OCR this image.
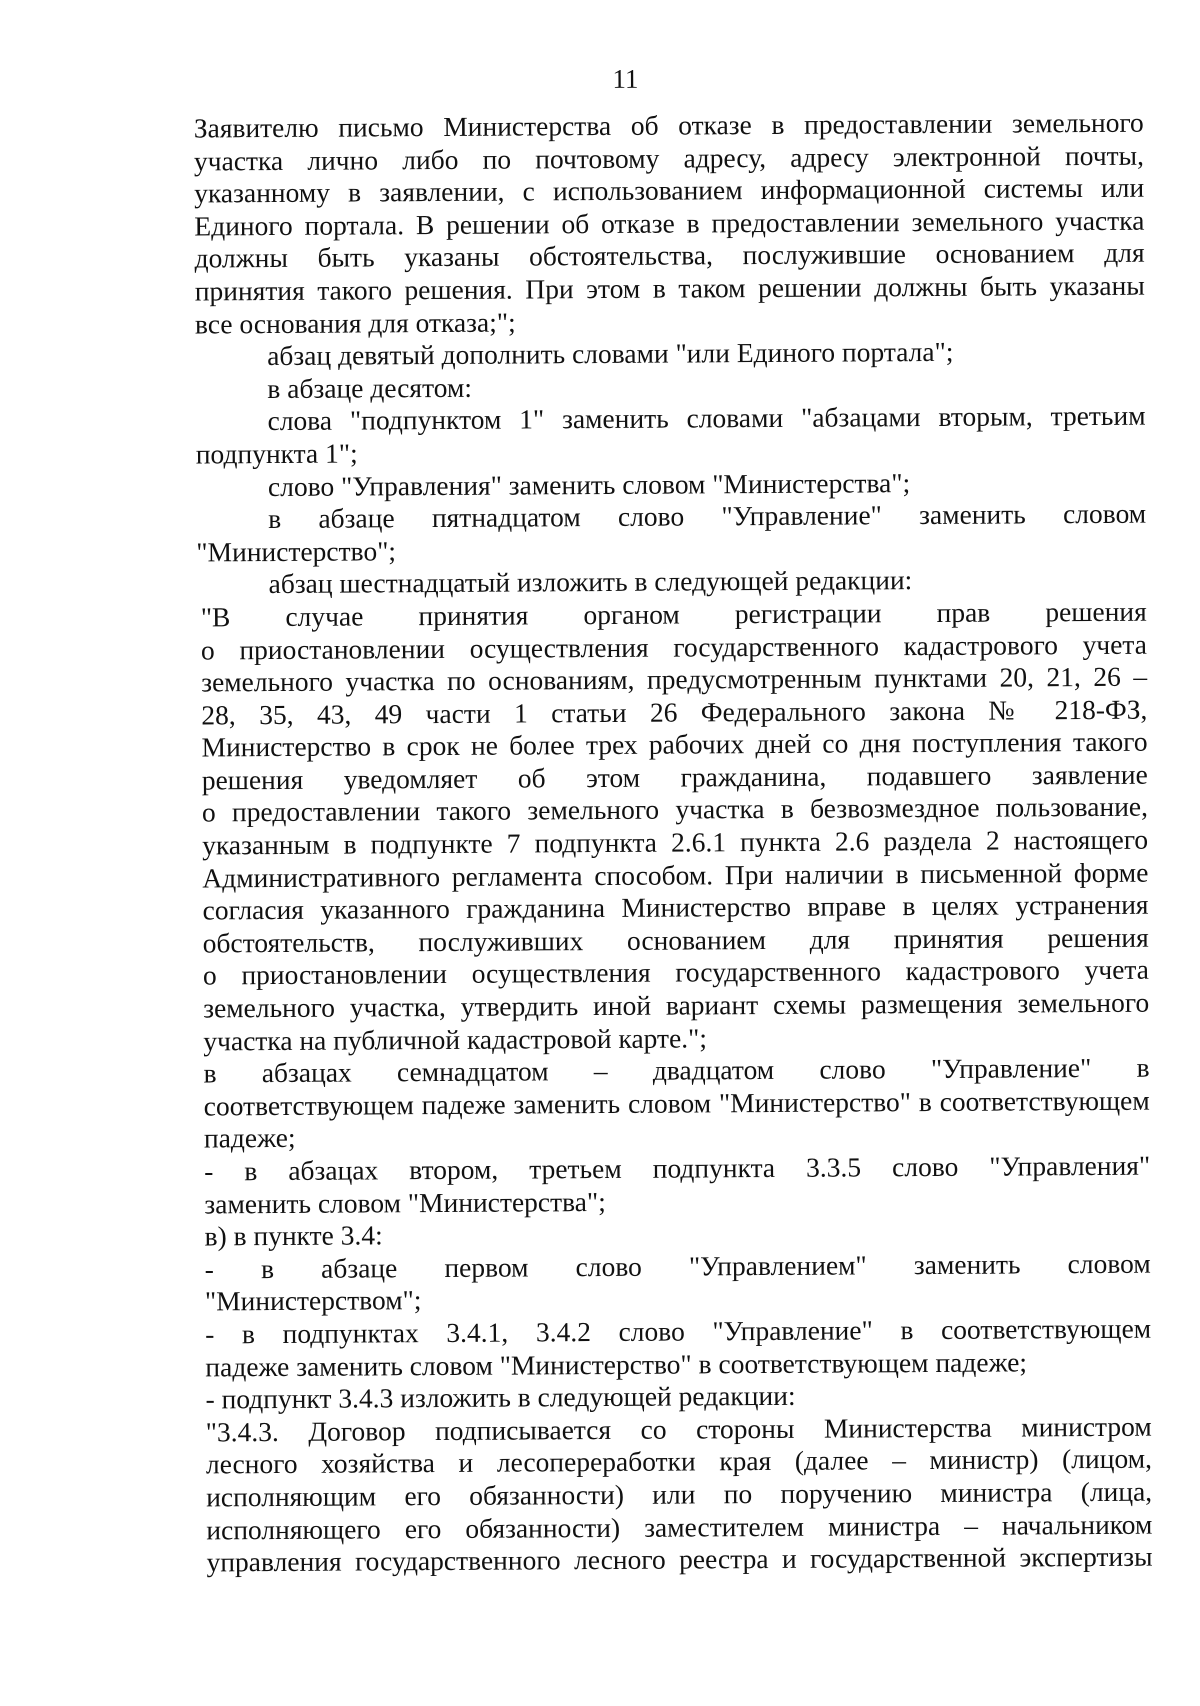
11
Заявителю письмо Министерства об отказе в предоставлении земельного
участка лично либо по почтовому адресу, адресу электронной почты,
указанному в заявлении, с использованием информационной системы или
Единого портала. В решении об отказе в предоставлении земельного участка
должны быть указаны обстоятельства, послужившие основанием для
принятия такого решения. При этом в таком решении должны быть указаны
все основания для отказа;";
абзац девятый дополнить словами "или Единого портала";
в абзаце десятом:
слова "подпунктом 1" заменить словами "абзацами вторым, третьим
подпункта 1";
слово "Управления" заменить словом "Министерства";
в абзаце пятнадцатом слово "Управление" заменить словом
"Министерство";
абзац шестнадцатый изложить в следующей редакции:
"В случае принятия органом регистрации прав решения
о приостановлении осуществления государственного кадастрового учета
земельного участка по основаниям, предусмотренным пунктами 20, 21, 26 –
28, 35, 43, 49 части 1 статьи 26 Федерального закона № 218-ФЗ,
Министерство в срок не более трех рабочих дней со дня поступления такого
решения уведомляет об этом гражданина, подавшего заявление
о предоставлении такого земельного участка в безвозмездное пользование,
указанным в подпункте 7 подпункта 2.6.1 пункта 2.6 раздела 2 настоящего
Административного регламента способом. При наличии в письменной форме
согласия указанного гражданина Министерство вправе в целях устранения
обстоятельств, послуживших основанием для принятия решения
о приостановлении осуществления государственного кадастрового учета
земельного участка, утвердить иной вариант схемы размещения земельного
участка на публичной кадастровой карте.";
в абзацах семнадцатом – двадцатом слово "Управление" в
соответствующем падеже заменить словом "Министерство" в соответствующем
падеже;
- в абзацах втором, третьем подпункта 3.3.5 слово "Управления"
заменить словом "Министерства";
в) в пункте 3.4:
- в абзаце первом слово "Управлением" заменить словом
"Министерством";
- в подпунктах 3.4.1, 3.4.2 слово "Управление" в соответствующем
падеже заменить словом "Министерство" в соответствующем падеже;
- подпункт 3.4.3 изложить в следующей редакции:
"3.4.3. Договор подписывается со стороны Министерства министром
лесного хозяйства и лесопереработки края (далее – министр) (лицом,
исполняющим его обязанности) или по поручению министра (лица,
исполняющего его обязанности) заместителем министра – начальником
управления государственного лесного реестра и государственной экспертизы
